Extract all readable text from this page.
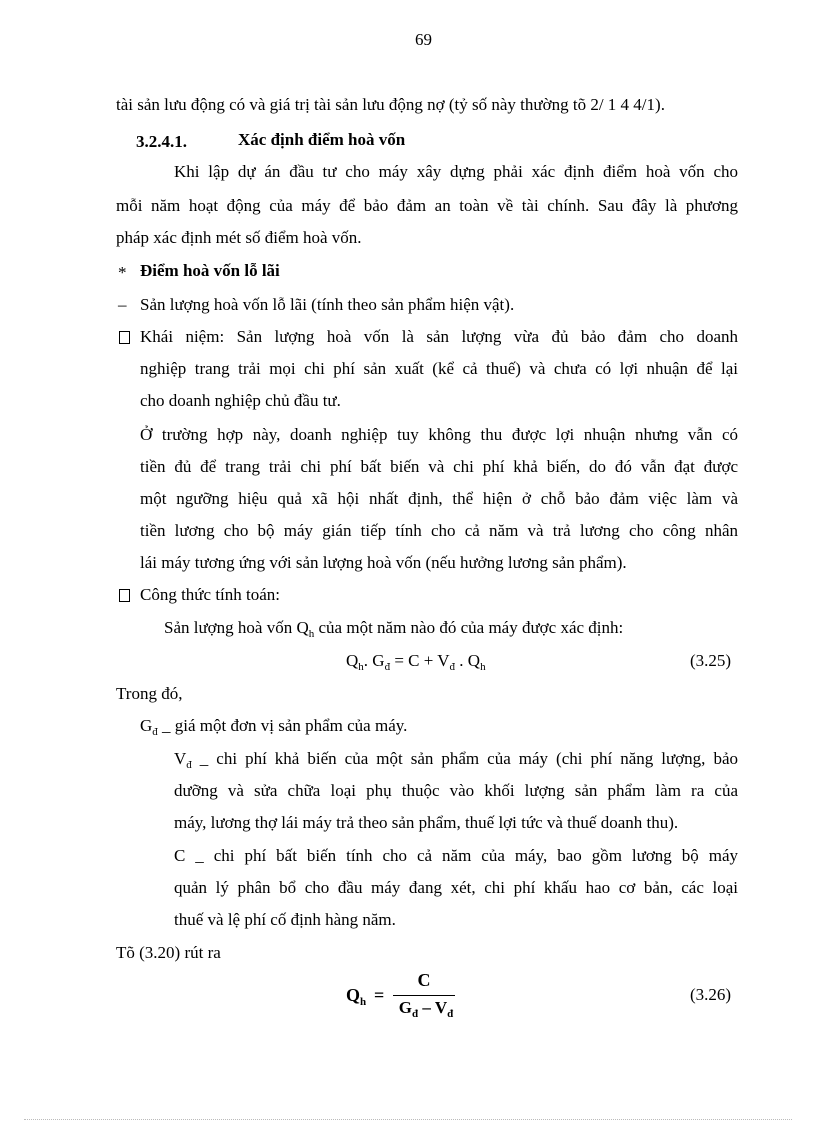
69
tài sản lưu động có và giá trị tài sản lưu động nợ (tỷ số này thường tõ 2/ 1 4 4/1).
3.2.4.1.	Xác định điểm hoà vốn
Khi lập dự án đầu tư cho máy xây dựng phải xác định điểm hoà vốn cho
mỗi năm hoạt động của máy để bảo đảm an toàn về tài chính. Sau đây là phương
pháp xác định mét số điểm hoà vốn.
* Điểm hoà vốn lỗ lãi
– Sản lượng hoà vốn lỗ lãi (tính theo sản phẩm hiện vật).
Khái niệm: Sản lượng hoà vốn là sản lượng vừa đủ bảo đảm cho doanh
nghiệp trang trải mọi chi phí sản xuất (kể cả thuế) và chưa có lợi nhuận để lại
cho doanh nghiệp chủ đầu tư.
Ở trường hợp này, doanh nghiệp tuy không thu được lợi nhuận nhưng vẫn có
tiền đủ để trang trải chi phí bất biến và chi phí khả biến, do đó vẫn đạt được
một ngưỡng hiệu quả xã hội nhất định, thể hiện ở chỗ bảo đảm việc làm và
tiền lương cho bộ máy gián tiếp tính cho cả năm và trả lương cho công nhân
lái máy tương ứng với sản lượng hoà vốn (nếu hưởng lương sản phẩm).
Công thức tính toán:
Sản lượng hoà vốn $Q_h$ của một năm nào đó của máy được xác định:
$Q_h$. $G_đ = C + V_đ$ . $Q_h$	(3.25)
Trong đó,
$G_đ$ _ giá một đơn vị sản phẩm của máy.
$V_đ$ _ chi phí khả biến của một sản phẩm của máy (chi phí năng lượng, bảo
dưỡng và sửa chữa loại phụ thuộc vào khối lượng sản phẩm làm ra của
máy, lương thợ lái máy trả theo sản phẩm, thuế lợi tức và thuế doanh thu).
C _ chi phí bất biến tính cho cả năm của máy, bao gồm lương bộ máy
quản lý phân bổ cho đầu máy đang xét, chi phí khấu hao cơ bản, các loại
thuế và lệ phí cố định hàng năm.
Tõ (3.20) rút ra
$Q_h$ =
C
$G_đ - V_đ$
(3.26)
